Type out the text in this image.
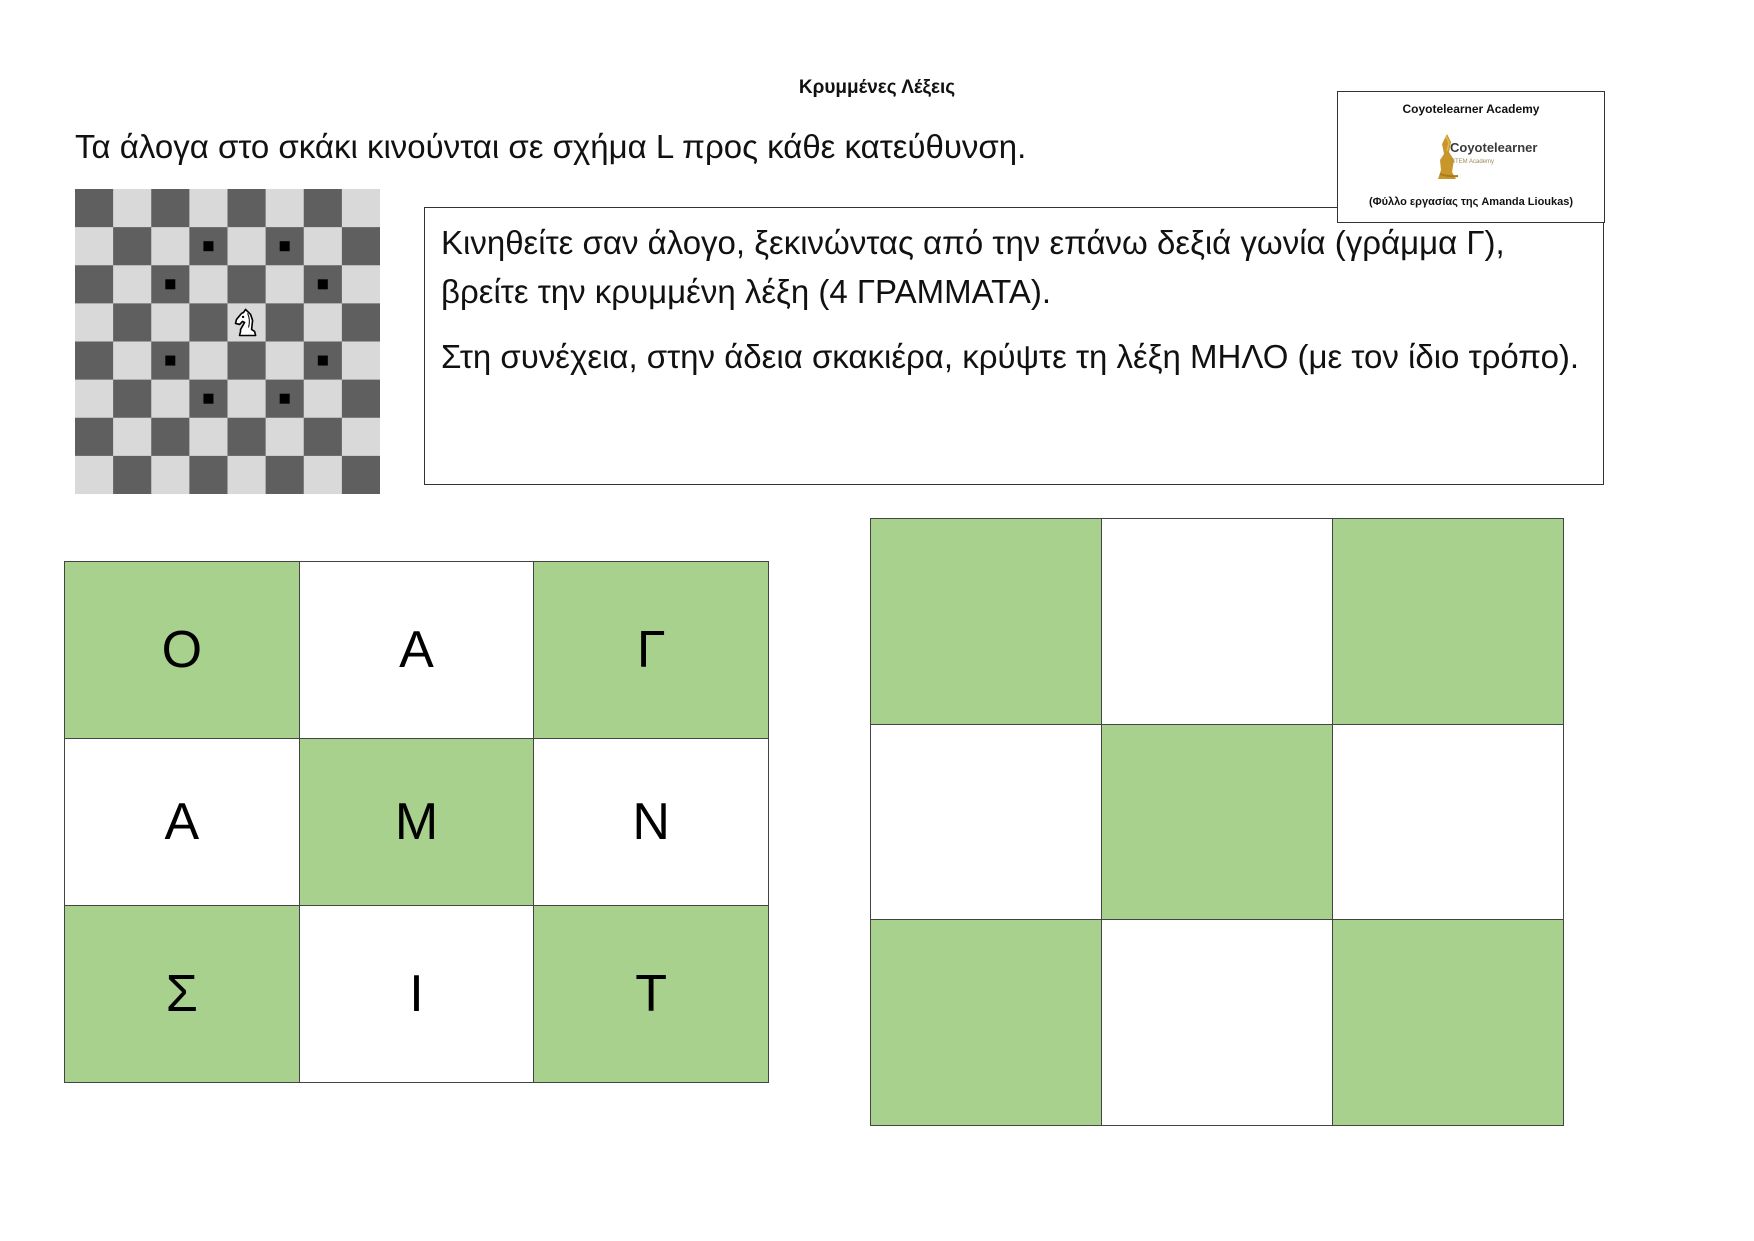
Κρυμμένες Λέξεις
Τα άλογα στο σκάκι κινούνται σε σχήμα L προς κάθε κατεύθυνση.
Coyotelearner Academy
Coyotelearner
STEM Academy
(Φύλλο εργασίας της Amanda Lioukas)

Κινηθείτε σαν άλογο, ξεκινώντας από την επάνω δεξιά γωνία (γράμμα Γ), βρείτε την κρυμμένη λέξη (4 ΓΡΑΜΜΑΤΑ).

Στη συνέχεια, στην άδεια σκακιέρα, κρύψτε τη λέξη ΜΗΛΟ (με τον ίδιο τρόπο).

Ο	Α	Γ
Α	Μ	Ν
Σ	Ι	Τ
